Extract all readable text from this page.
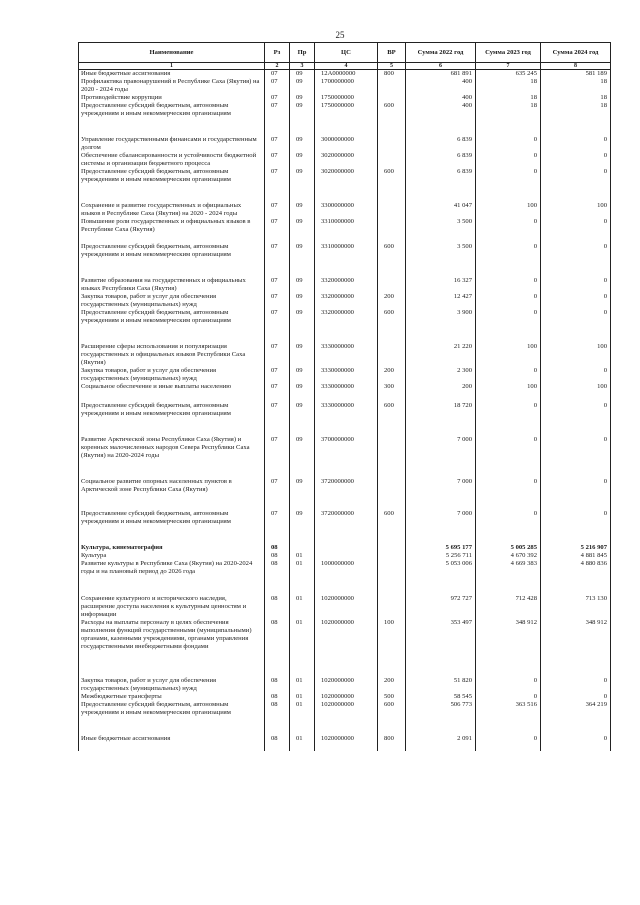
25
Наименование	Рз	Пр	ЦС	ВР	Сумма 2022 год	Сумма 2023 год	Сумма 2024 год
1	2	3	4	5	6	7	8
Иные бюджетные ассигнования	07	09	12А0000000	800	681 891	635 245	581 189
Профилактика правонарушений в Республике Саха (Якутия) на 2020 - 2024 годы	07	09	1700000000		400	18	18
Противодействие коррупции	07	09	1750000000		400	18	18
Предоставление субсидий бюджетным, автономным учреждениям и иным некоммерческим организациям	07	09	1750000000	600	400	18	18
Управление государственными финансами и государственным долгом	07	09	3000000000		6 839	0	0
Обеспечение сбалансированности и устойчивости бюджетной системы и организации бюджетного процесса	07	09	3020000000		6 839	0	0
Предоставление субсидий бюджетным, автономным учреждениям и иным некоммерческим организациям	07	09	3020000000	600	6 839	0	0
Сохранение и развитие государственных и официальных языков в Республике Саха (Якутия) на 2020 - 2024 годы	07	09	3300000000		41 047	100	100
Повышение роли государственных и официальных языков в Республике Саха (Якутия)	07	09	3310000000		3 500	0	0
Предоставление субсидий бюджетным, автономным учреждениям и иным некоммерческим организациям	07	09	3310000000	600	3 500	0	0
Развитие образования на государственных и официальных языках Республики Саха (Якутия)	07	09	3320000000		16 327	0	0
Закупка товаров, работ и услуг для обеспечения государственных (муниципальных) нужд	07	09	3320000000	200	12 427	0	0
Предоставление субсидий бюджетным, автономным учреждениям и иным некоммерческим организациям	07	09	3320000000	600	3 900	0	0
Расширение сферы использования и популяризация государственных и официальных языков Республики Саха (Якутия)	07	09	3330000000		21 220	100	100
Закупка товаров, работ и услуг для обеспечения государственных (муниципальных) нужд	07	09	3330000000	200	2 300	0	0
Социальное обеспечение и иные выплаты населению	07	09	3330000000	300	200	100	100
Предоставление субсидий бюджетным, автономным учреждениям и иным некоммерческим организациям	07	09	3330000000	600	18 720	0	0
Развитие Арктической зоны Республики Саха (Якутия) и коренных малочисленных народов Севера Республики Саха (Якутия) на 2020-2024 годы	07	09	3700000000		7 000	0	0
Социальное развитие опорных населенных пунктов в Арктической зоне Республики Саха (Якутия)	07	09	3720000000		7 000	0	0
Предоставление субсидий бюджетным, автономным учреждениям и иным некоммерческим организациям	07	09	3720000000	600	7 000	0	0
Культура, кинематография	08				5 695 177	5 005 285	5 216 907
Культура	08	01			5 256 711	4 670 392	4 881 845
Развитие культуры в Республике Саха (Якутия) на 2020-2024 годы и на плановый период до 2026 года	08	01	1000000000		5 053 006	4 669 383	4 880 836
Сохранение культурного и исторического наследия, расширение доступа населения к культурным ценностям и информации	08	01	1020000000		972 727	712 428	713 130
Расходы на выплаты персоналу в целях обеспечения выполнения функций государственными (муниципальными) органами, казенными учреждениями, органами управления государственными внебюджетными фондами	08	01	1020000000	100	353 497	348 912	348 912
Закупка товаров, работ и услуг для обеспечения государственных (муниципальных) нужд	08	01	1020000000	200	51 820	0	0
Межбюджетные трансферты	08	01	1020000000	500	58 545	0	0
Предоставление субсидий бюджетным, автономным учреждениям и иным некоммерческим организациям	08	01	1020000000	600	506 773	363 516	364 219
Иные бюджетные ассигнования	08	01	1020000000	800	2 091	0	0
